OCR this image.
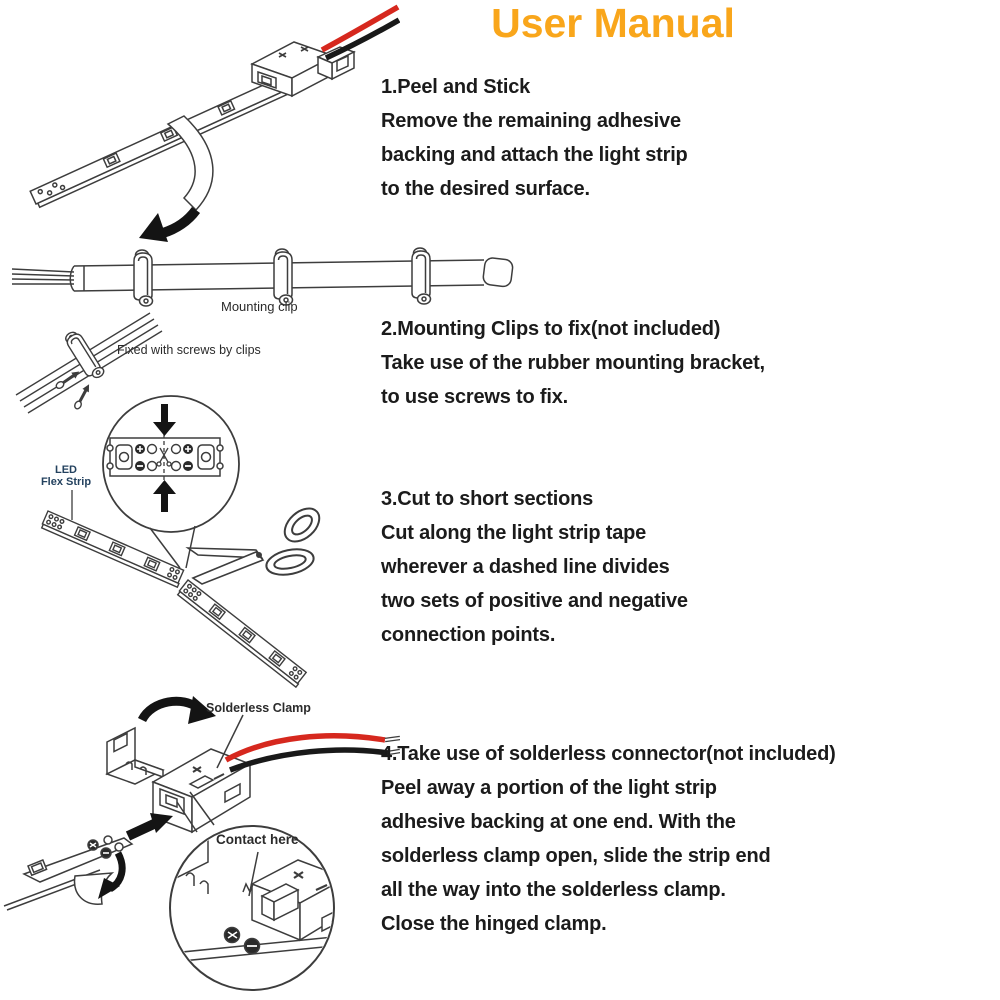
User Manual
1.Peel and Stick
Remove the remaining adhesive
backing and attach the light strip
to the desired surface.
Mounting clip
Fixed with screws by clips
2.Mounting Clips to fix(not included)
Take use of the rubber mounting bracket,
to use screws to fix.
LED
Flex Strip
3.Cut to short sections
Cut along the light strip tape
wherever a dashed line divides
two sets of positive and negative
connection points.
Solderless Clamp
Contact here
4.Take use of solderless connector(not included)
Peel away a portion of the light strip
adhesive backing at one end. With the
solderless clamp open, slide the strip end
all the way into the solderless clamp.
Close the hinged clamp.
